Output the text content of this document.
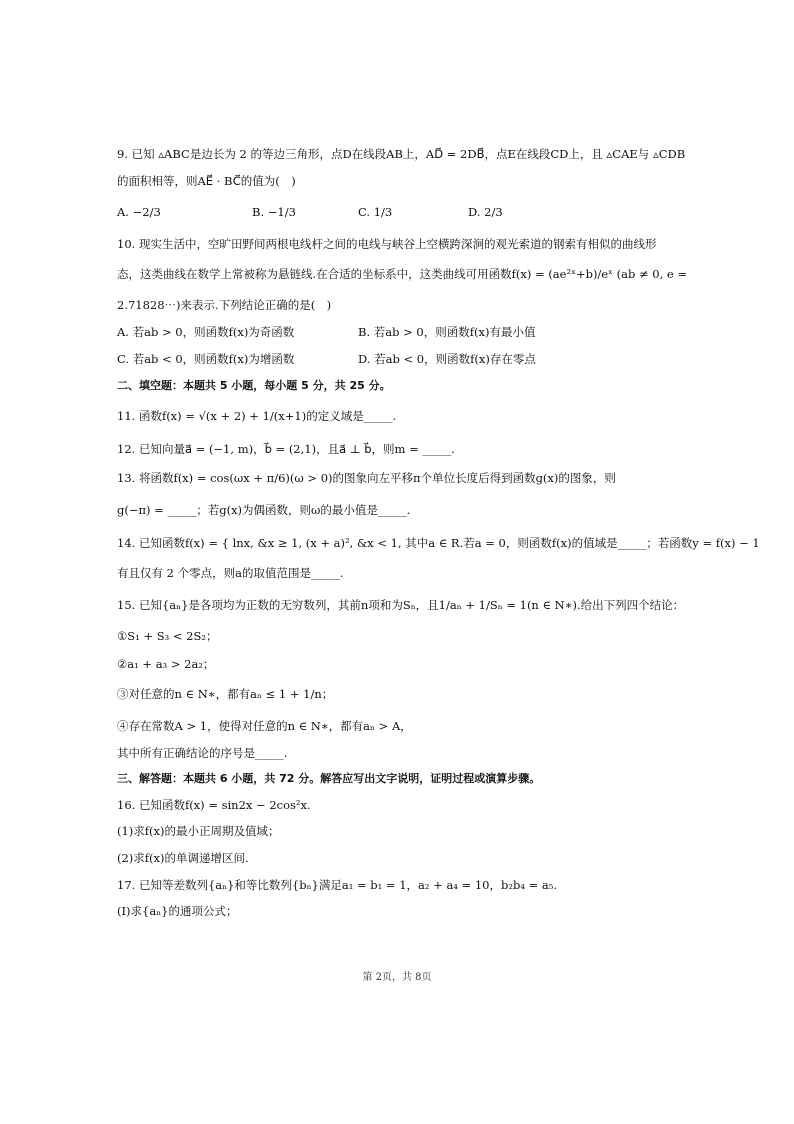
9. 已知 ▵ABC是边长为 2 的等边三角形，点D在线段AB上，AD⃗ = 2DB⃗，点E在线段CD上，且 ▵CAE与 ▵CDB
的面积相等，则AE⃗ · BC⃗的值为(　)
A. −2/3	B. −1/3	C. 1/3	D. 2/3
10. 现实生活中，空旷田野间两根电线杆之间的电线与峡谷上空横跨深涧的观光索道的钢索有相似的曲线形
态，这类曲线在数学上常被称为悬链线.在合适的坐标系中，这类曲线可用函数f(x) = (ae²ˣ+b)/eˣ (ab ≠ 0, e =
2.71828⋯)来表示.下列结论正确的是(　)
A. 若ab > 0，则函数f(x)为奇函数	B. 若ab > 0，则函数f(x)有最小值
C. 若ab < 0，则函数f(x)为增函数	D. 若ab < 0，则函数f(x)存在零点
二、填空题：本题共 5 小题，每小题 5 分，共 25 分。
11. 函数f(x) = √(x + 2) + 1/(x+1)的定义域是_____.
12. 已知向量a⃗ = (−1, m)，b⃗ = (2,1)，且a⃗ ⊥ b⃗，则m = _____.
13. 将函数f(x) = cos(ωx + π/6)(ω > 0)的图象向左平移π个单位长度后得到函数g(x)的图象，则
g(−π) = _____；若g(x)为偶函数，则ω的最小值是_____.
14. 已知函数f(x) = { lnx, &x ≥ 1, (x + a)², &x < 1, 其中a ∈ R.若a = 0，则函数f(x)的值域是_____；若函数y = f(x) − 1
有且仅有 2 个零点，则a的取值范围是_____.
15. 已知{aₙ}是各项均为正数的无穷数列，其前n项和为Sₙ，且1/aₙ + 1/Sₙ = 1(n ∈ N∗).给出下列四个结论：
①S₁ + S₃ < 2S₂；
②a₁ + a₃ > 2a₂；
③对任意的n ∈ N∗，都有aₙ ≤ 1 + 1/n；
④存在常数A > 1，使得对任意的n ∈ N∗，都有aₙ > A，
其中所有正确结论的序号是_____.
三、解答题：本题共 6 小题，共 72 分。解答应写出文字说明，证明过程或演算步骤。
16. 已知函数f(x) = sin2x − 2cos²x.
(1)求f(x)的最小正周期及值域；
(2)求f(x)的单调递增区间.
17. 已知等差数列{aₙ}和等比数列{bₙ}满足a₁ = b₁ = 1，a₂ + a₄ = 10，b₂b₄ = a₅.
(I)求{aₙ}的通项公式；
第 2页，共 8页
